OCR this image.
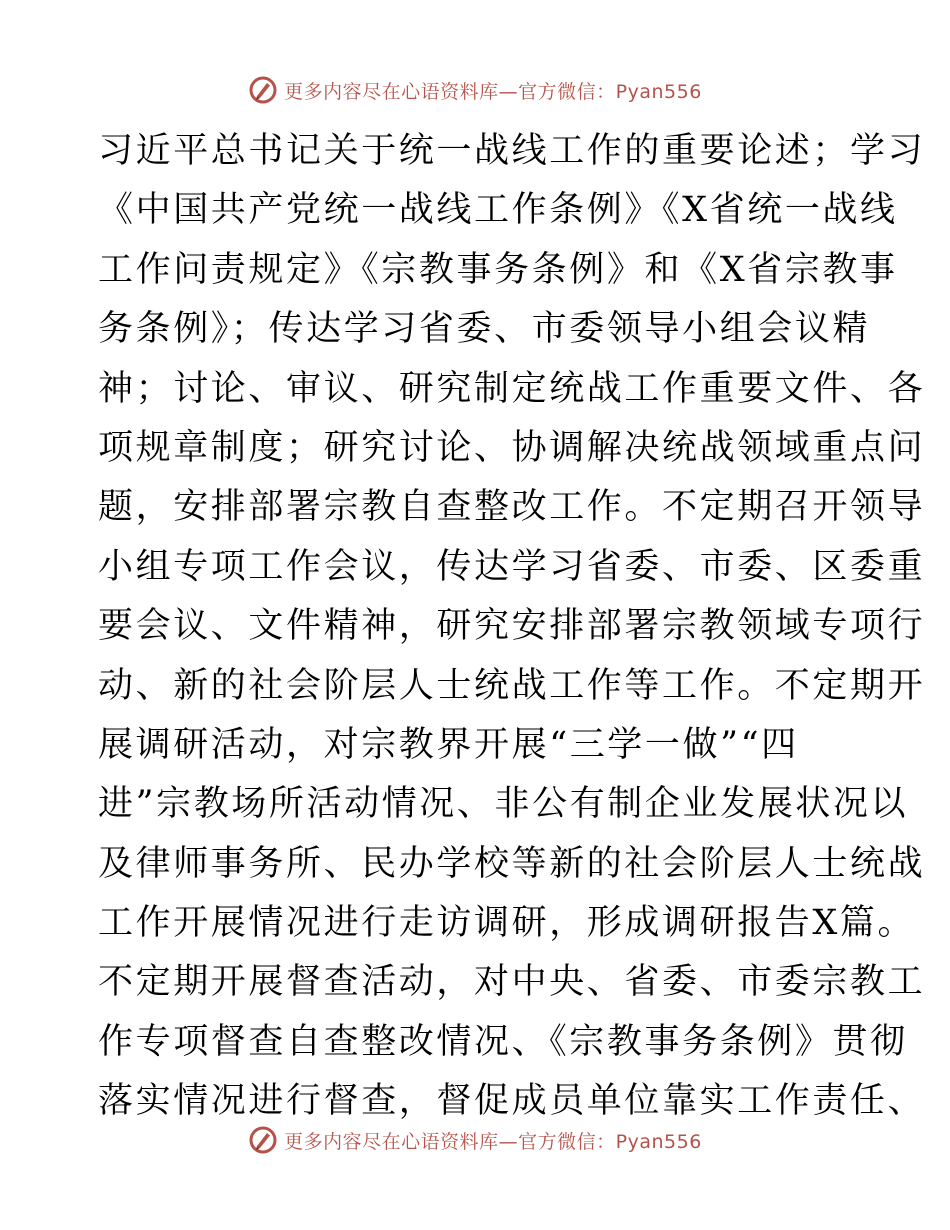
更多内容尽在心语资料库—官方微信：Pyan556
习近平总书记关于统一战线工作的重要论述；学习
《中国共产党统一战线工作条例》《X省统一战线
工作问责规定》《宗教事务条例》和《X省宗教事
务条例》；传达学习省委、市委领导小组会议精
神；讨论、审议、研究制定统战工作重要文件、各
项规章制度；研究讨论、协调解决统战领域重点问
题，安排部署宗教自查整改工作。不定期召开领导
小组专项工作会议，传达学习省委、市委、区委重
要会议、文件精神，研究安排部署宗教领域专项行
动、新的社会阶层人士统战工作等工作。不定期开
展调研活动，对宗教界开展“三学一做”“四
进”宗教场所活动情况、非公有制企业发展状况以
及律师事务所、民办学校等新的社会阶层人士统战
工作开展情况进行走访调研，形成调研报告X篇。
不定期开展督查活动，对中央、省委、市委宗教工
作专项督查自查整改情况、《宗教事务条例》贯彻
落实情况进行督查，督促成员单位靠实工作责任、
更多内容尽在心语资料库—官方微信：Pyan556
